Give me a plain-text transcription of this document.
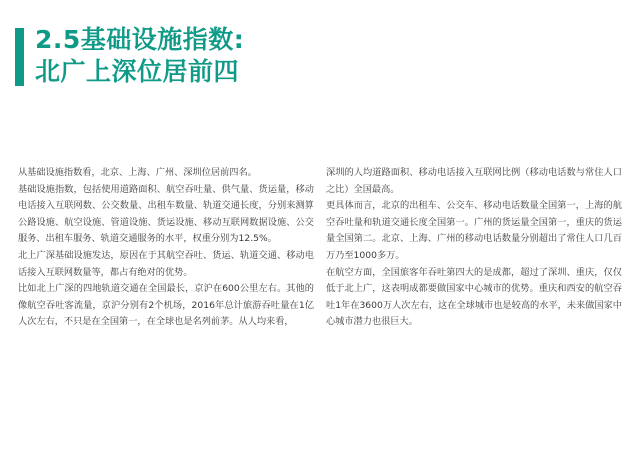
2.5基础设施指数:
北广上深位居前四

从基础设施指数看，北京、上海、广州、深圳位居前四名。

基础设施指数，包括使用道路面积、航空吞吐量、供气量、货运量，移动电话接入互联网数、公交数量、出租车数量、轨道交通长度，分别来测算公路设施、航空设施、管道设施、货运设施、移动互联网数据设施、公交服务、出租车服务、轨道交通服务的水平，权重分别为12.5%。

北上广深基础设施发达，原因在于其航空吞吐、货运、轨道交通、移动电话接入互联网数量等，都占有绝对的优势。

比如北上广深的四地轨道交通在全国最长，京沪在600公里左右。其他的像航空吞吐客流量，京沪分别有2个机场，2016年总计旅游吞吐量在1亿人次左右，不只是在全国第一，在全球也是名列前茅。从人均来看，

深圳的人均道路面积、移动电话接入互联网比例（移动电话数与常住人口之比）全国最高。

更具体而言，北京的出租车、公交车、移动电话数量全国第一，上海的航空吞吐量和轨道交通长度全国第一。广州的货运量全国第一，重庆的货运量全国第二。北京、上海、广州的移动电话数量分别超出了常住人口几百万乃至1000多万。

在航空方面，全国旅客年吞吐第四大的是成都，超过了深圳、重庆，仅仅低于北上广，这表明成都要做国家中心城市的优势。重庆和西安的航空吞吐1年在3600万人次左右，这在全球城市也是较高的水平，未来做国家中心城市潜力也很巨大。
